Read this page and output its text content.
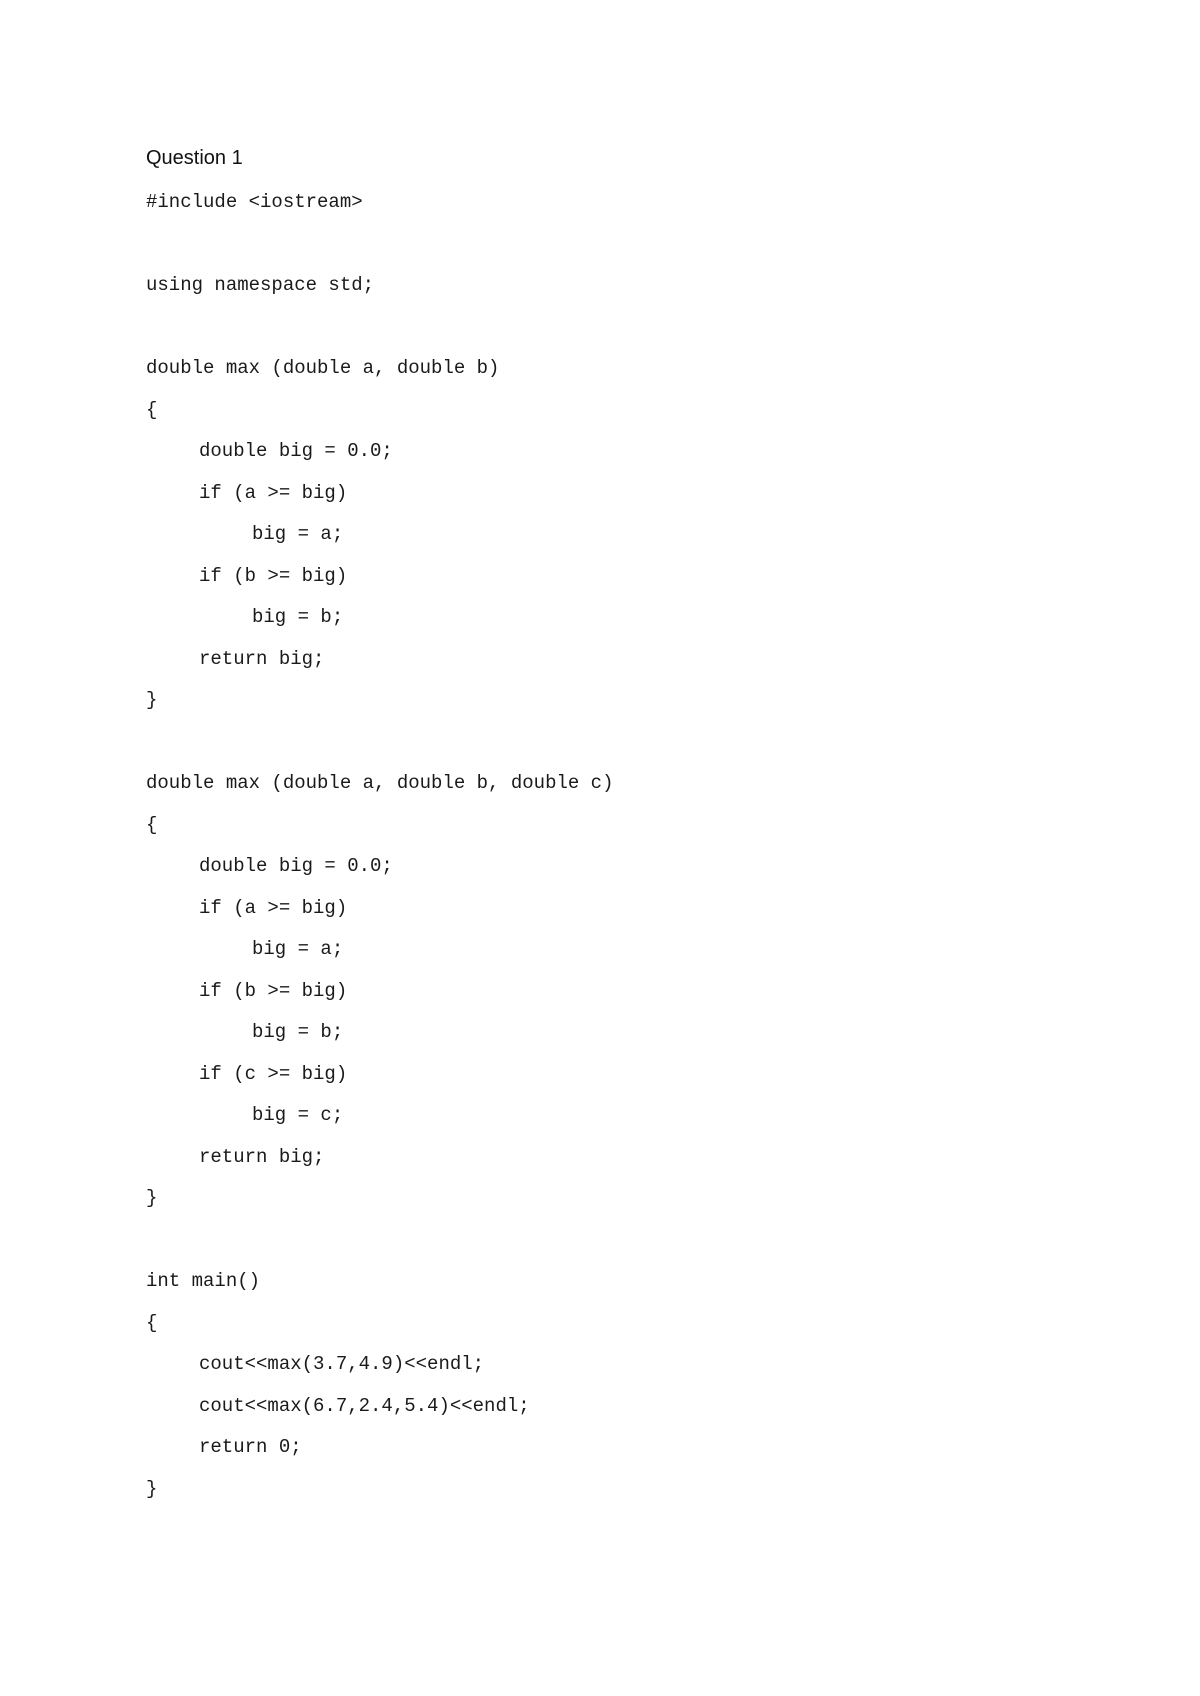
Question 1
#include <iostream>
using namespace std;
double max (double a, double b)
{
double big = 0.0;
if (a >= big)
big = a;
if (b >= big)
big = b;
return big;
}
double max (double a, double b, double c)
{
double big = 0.0;
if (a >= big)
big = a;
if (b >= big)
big = b;
if (c >= big)
big = c;
return big;
}
int main()
{
cout<<max(3.7,4.9)<<endl;
cout<<max(6.7,2.4,5.4)<<endl;
return 0;
}
